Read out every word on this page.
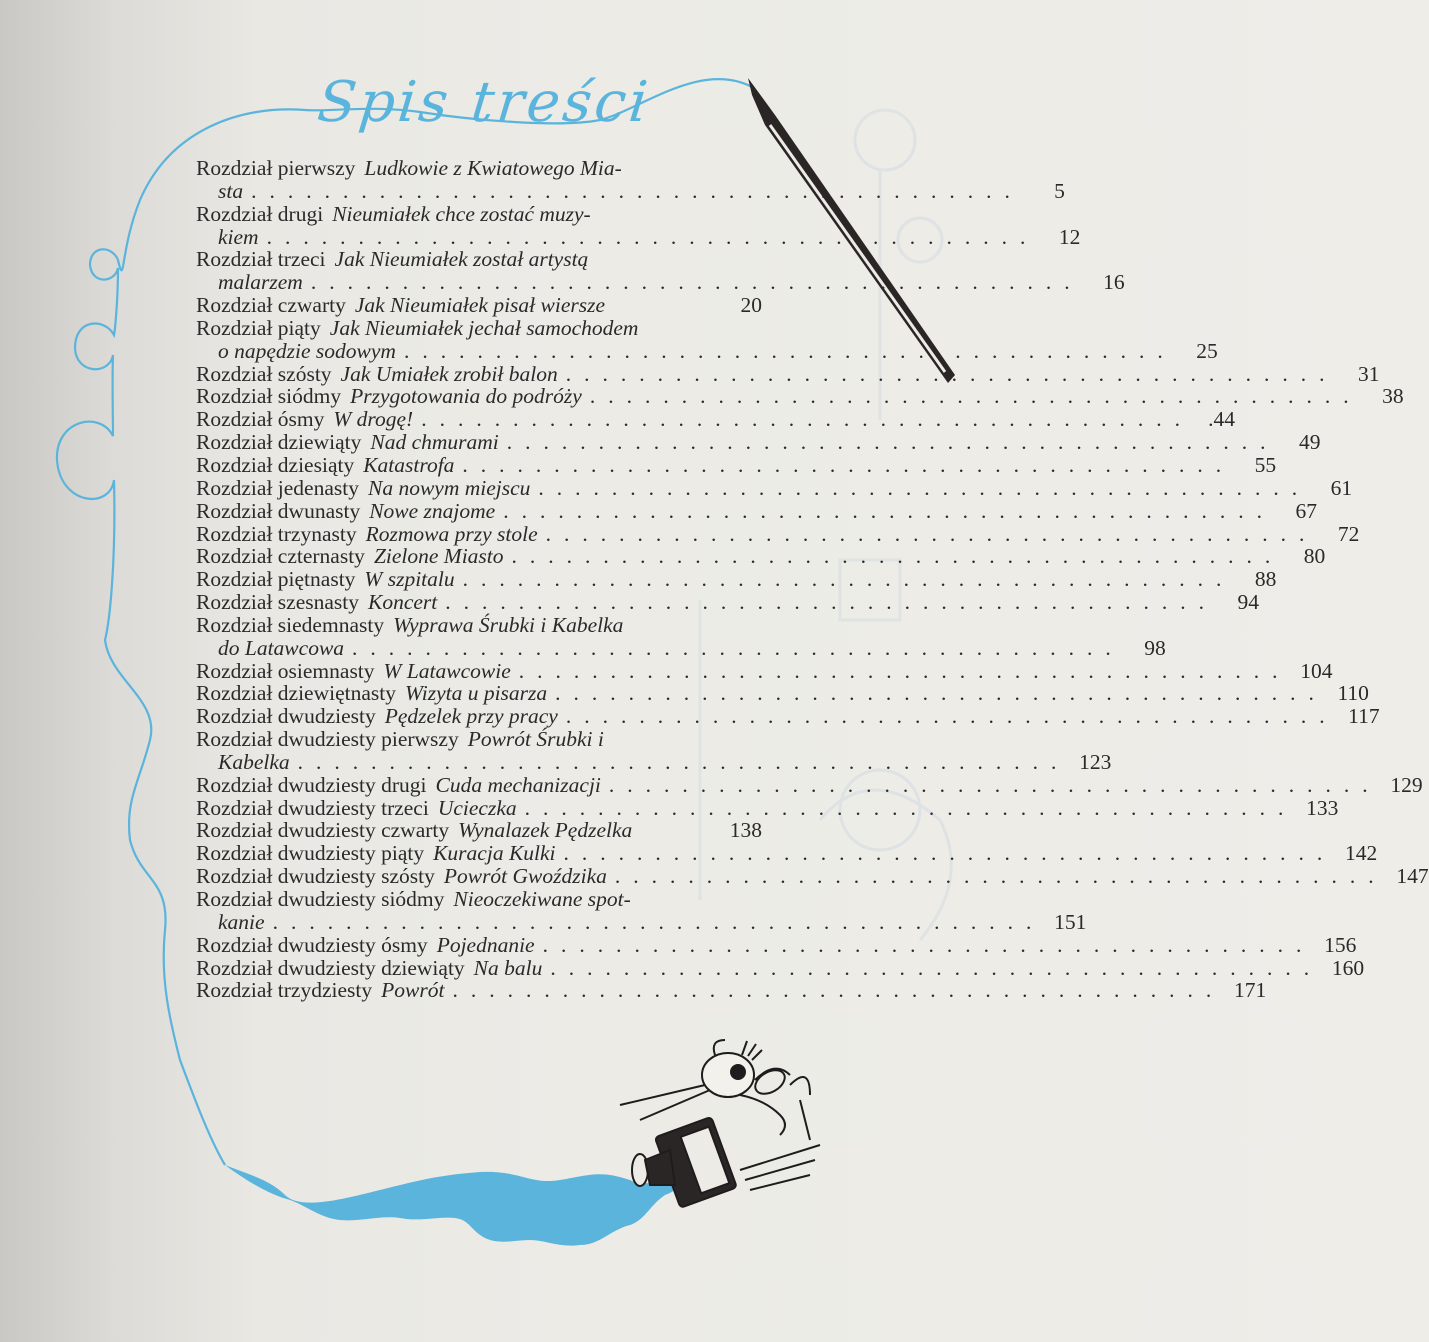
Spis treści
Rozdział pierwszy Ludkowie z Kwiatowego Mia-
sta ..........................................	5
Rozdział drugi Nieumiałek chce zostać muzy-
kiem .......................................... 12
Rozdział trzeci Jak Nieumiałek został artystą
malarzem .......................................... 16
Rozdział czwarty Jak Nieumiałek pisał wiersze	20
Rozdział piąty Jak Nieumiałek jechał samochodem
o napędzie sodowym .......................................... 25
Rozdział szósty Jak Umiałek zrobił balon .......................................... 31
Rozdział siódmy Przygotowania do podróży .......................................... 38
Rozdział ósmy W drogę! .......................................... .44
Rozdział dziewiąty Nad chmurami .......................................... 49
Rozdział dziesiąty Katastrofa .......................................... 55
Rozdział jedenasty Na nowym miejscu .......................................... 61
Rozdział dwunasty Nowe znajome .......................................... 67
Rozdział trzynasty Rozmowa przy stole .......................................... 72
Rozdział czternasty Zielone Miasto .......................................... 80
Rozdział piętnasty W szpitalu .......................................... 88
Rozdział szesnasty Koncert .......................................... 94
Rozdział siedemnasty Wyprawa Śrubki i Kabelka
do Latawcowa .......................................... 98
Rozdział osiemnasty W Latawcowie .......................................... 104
Rozdział dziewiętnasty Wizyta u pisarza .......................................... 110
Rozdział dwudziesty Pędzelek przy pracy .......................................... 117
Rozdział dwudziesty pierwszy Powrót Śrubki i
Kabelka .......................................... 123
Rozdział dwudziesty drugi Cuda mechanizacji .......................................... 129
Rozdział dwudziesty trzeci Ucieczka .......................................... 133
Rozdział dwudziesty czwarty Wynalazek Pędzelka	138
Rozdział dwudziesty piąty Kuracja Kulki .......................................... 142
Rozdział dwudziesty szósty Powrót Gwoździka .......................................... 147
Rozdział dwudziesty siódmy Nieoczekiwane spot-
kanie .......................................... 151
Rozdział dwudziesty ósmy Pojednanie .......................................... 156
Rozdział dwudziesty dziewiąty Na balu .......................................... 160
Rozdział trzydziesty Powrót .......................................... 171
